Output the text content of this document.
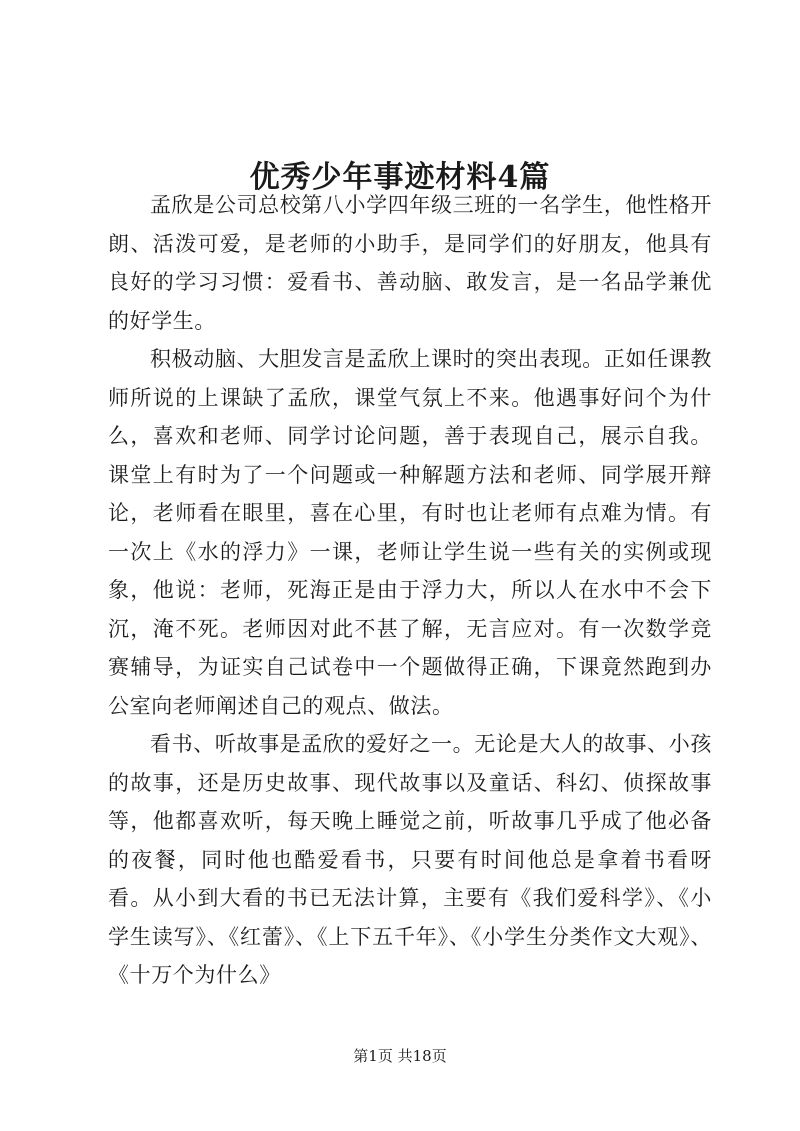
优秀少年事迹材料4篇

孟欣是公司总校第八小学四年级三班的一名学生，他性格开朗、活泼可爱，是老师的小助手，是同学们的好朋友，他具有良好的学习习惯：爱看书、善动脑、敢发言，是一名品学兼优的好学生。

积极动脑、大胆发言是孟欣上课时的突出表现。正如任课教师所说的上课缺了孟欣，课堂气氛上不来。他遇事好问个为什么，喜欢和老师、同学讨论问题，善于表现自己，展示自我。课堂上有时为了一个问题或一种解题方法和老师、同学展开辩论，老师看在眼里，喜在心里，有时也让老师有点难为情。有一次上《水的浮力》一课，老师让学生说一些有关的实例或现象，他说：老师，死海正是由于浮力大，所以人在水中不会下沉，淹不死。老师因对此不甚了解，无言应对。有一次数学竞赛辅导，为证实自己试卷中一个题做得正确，下课竟然跑到办公室向老师阐述自己的观点、做法。

看书、听故事是孟欣的爱好之一。无论是大人的故事、小孩的故事，还是历史故事、现代故事以及童话、科幻、侦探故事等，他都喜欢听，每天晚上睡觉之前，听故事几乎成了他必备的夜餐，同时他也酷爱看书，只要有时间他总是拿着书看呀看。从小到大看的书已无法计算，主要有《我们爱科学》、《小学生读写》、《红蕾》、《上下五千年》、《小学生分类作文大观》、《十万个为什么》

第1页 共18页
